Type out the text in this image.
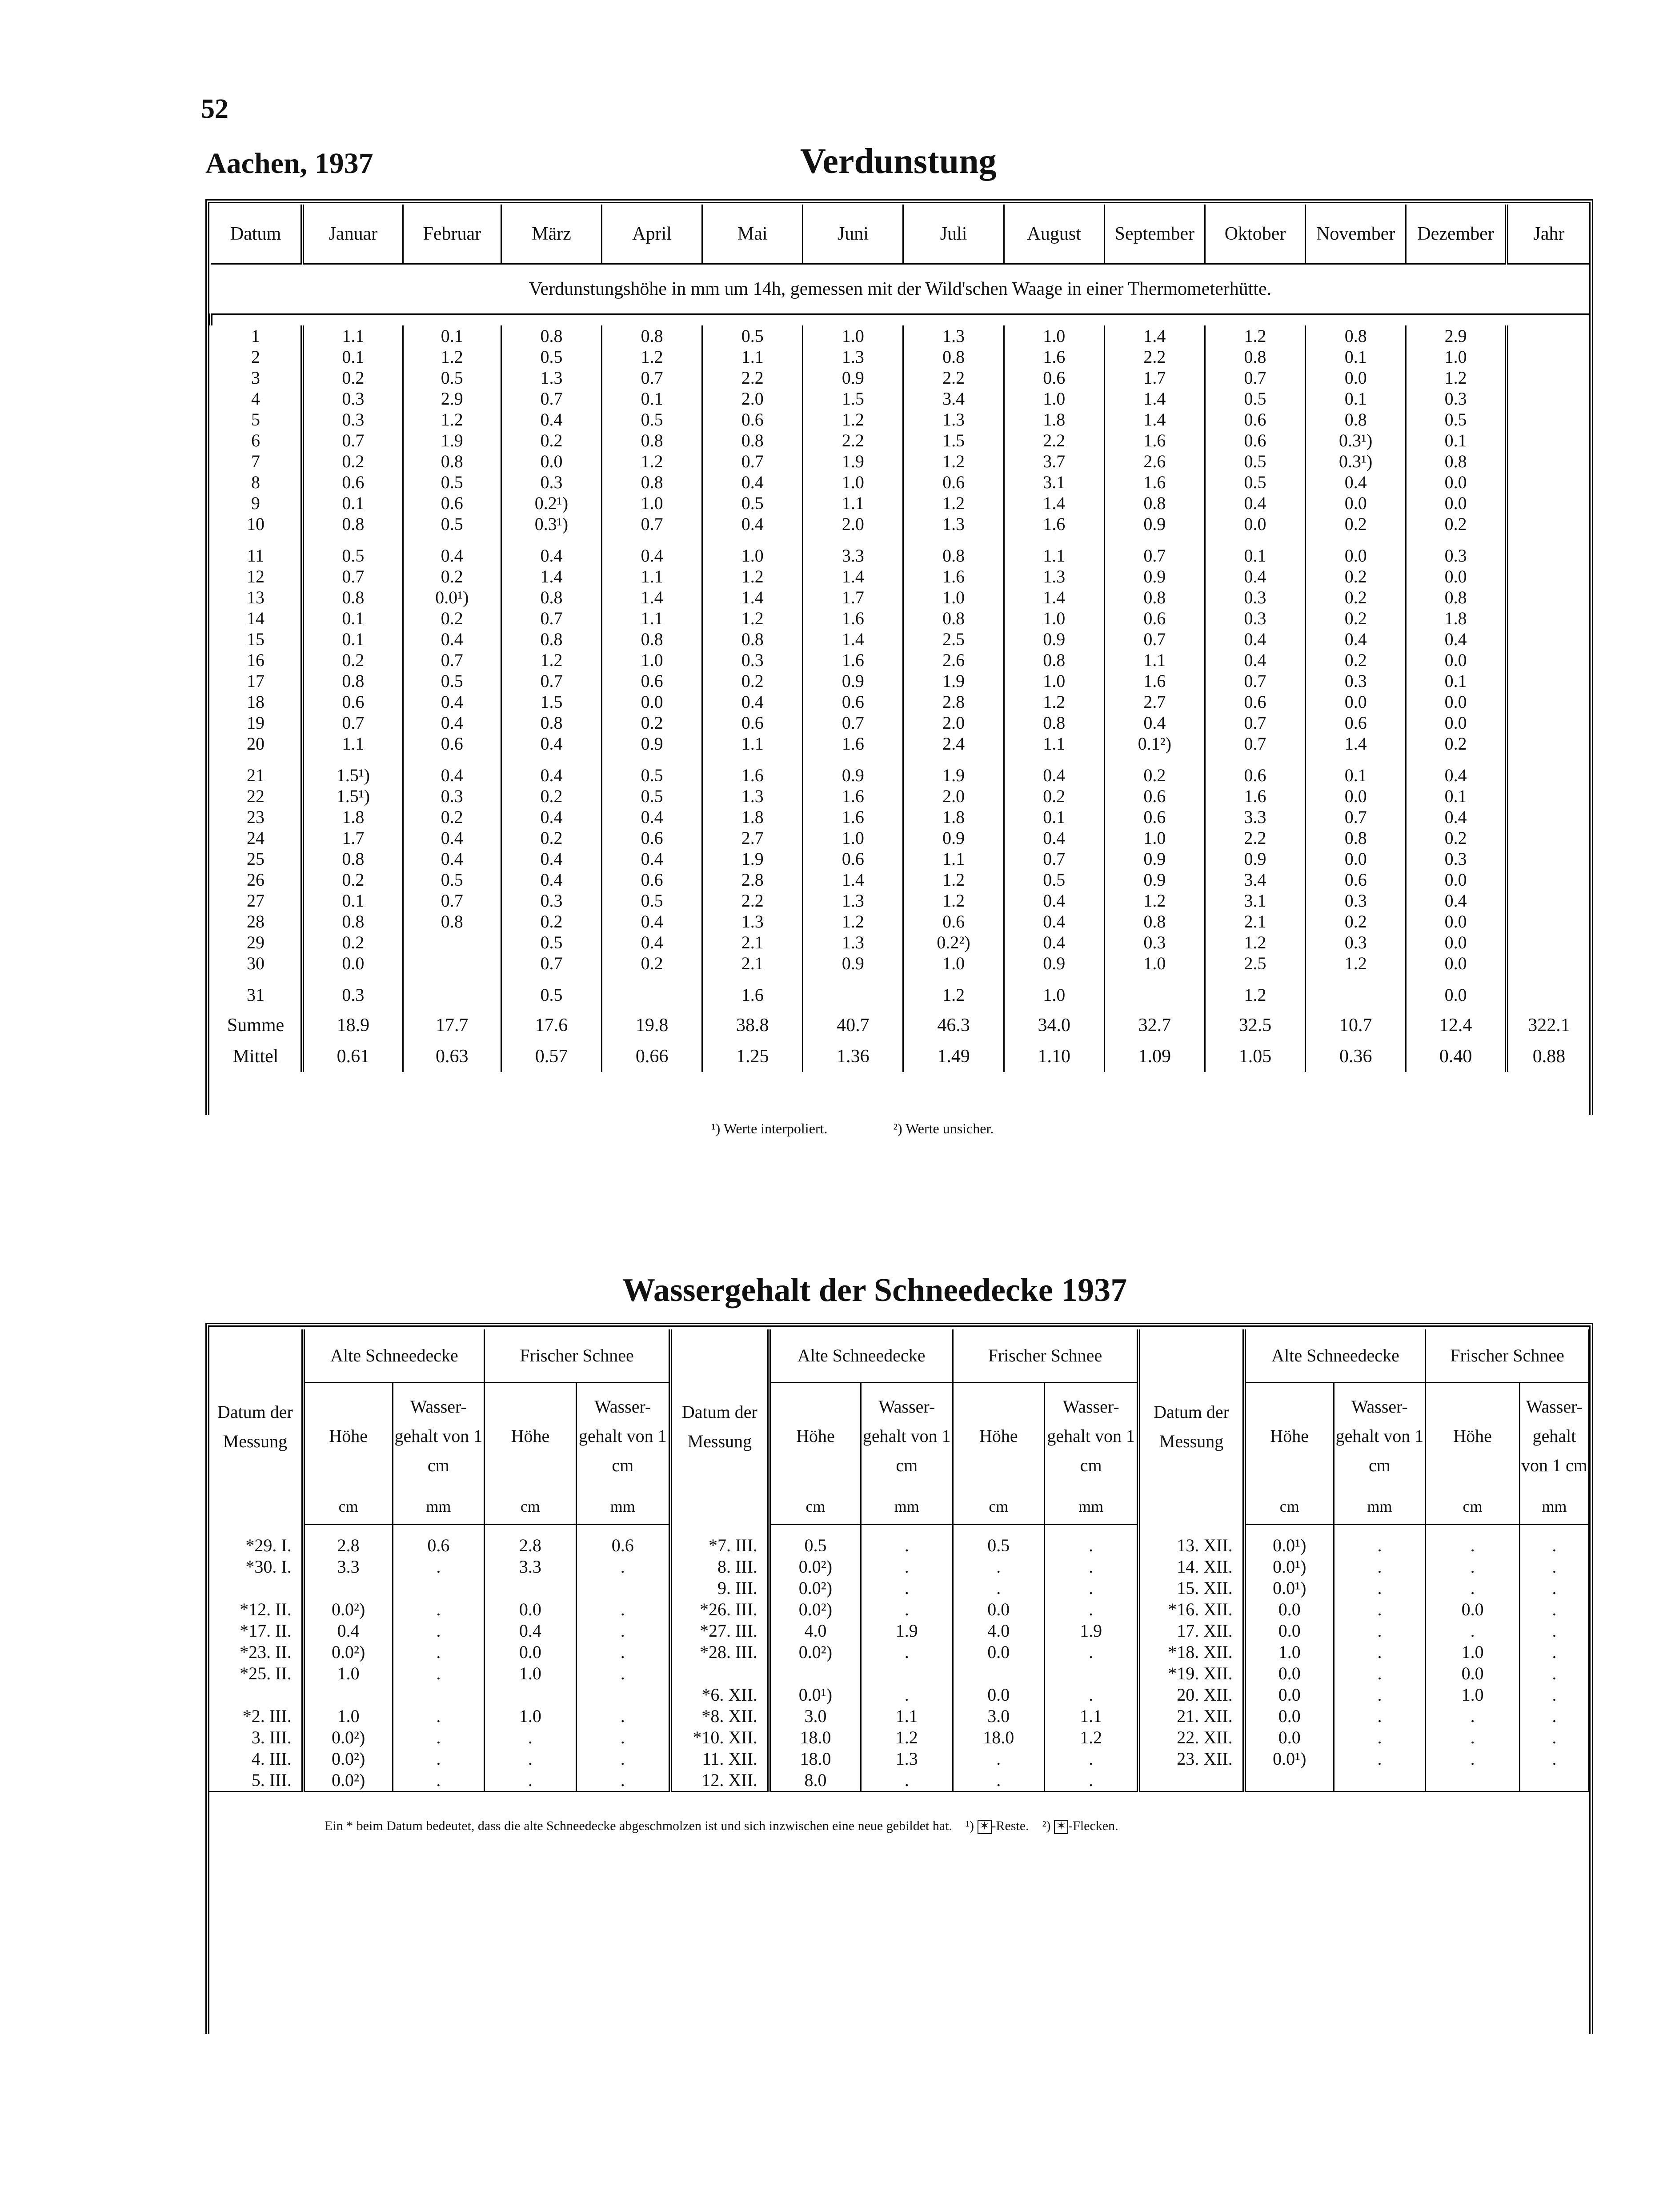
52
Aachen, 1937	Verdunstung
Datum	Januar	Februar	März	April	Mai	Juni	Juli	August	September	Oktober	November	Dezember	Jahr
Verdunstungshöhe in mm um 14h, gemessen mit der Wild'schen Waage in einer Thermometerhütte.													

1	1.1	0.1	0.8	0.8	0.5	1.0	1.3	1.0	1.4	1.2	0.8	2.9	
2	0.1	1.2	0.5	1.2	1.1	1.3	0.8	1.6	2.2	0.8	0.1	1.0	
3	0.2	0.5	1.3	0.7	2.2	0.9	2.2	0.6	1.7	0.7	0.0	1.2	
4	0.3	2.9	0.7	0.1	2.0	1.5	3.4	1.0	1.4	0.5	0.1	0.3	
5	0.3	1.2	0.4	0.5	0.6	1.2	1.3	1.8	1.4	0.6	0.8	0.5	
6	0.7	1.9	0.2	0.8	0.8	2.2	1.5	2.2	1.6	0.6	0.3¹)	0.1	
7	0.2	0.8	0.0	1.2	0.7	1.9	1.2	3.7	2.6	0.5	0.3¹)	0.8	
8	0.6	0.5	0.3	0.8	0.4	1.0	0.6	3.1	1.6	0.5	0.4	0.0	
9	0.1	0.6	0.2¹)	1.0	0.5	1.1	1.2	1.4	0.8	0.4	0.0	0.0	
10	0.8	0.5	0.3¹)	0.7	0.4	2.0	1.3	1.6	0.9	0.0	0.2	0.2	

11	0.5	0.4	0.4	0.4	1.0	3.3	0.8	1.1	0.7	0.1	0.0	0.3	
12	0.7	0.2	1.4	1.1	1.2	1.4	1.6	1.3	0.9	0.4	0.2	0.0	
13	0.8	0.0¹)	0.8	1.4	1.4	1.7	1.0	1.4	0.8	0.3	0.2	0.8	
14	0.1	0.2	0.7	1.1	1.2	1.6	0.8	1.0	0.6	0.3	0.2	1.8	
15	0.1	0.4	0.8	0.8	0.8	1.4	2.5	0.9	0.7	0.4	0.4	0.4	
16	0.2	0.7	1.2	1.0	0.3	1.6	2.6	0.8	1.1	0.4	0.2	0.0	
17	0.8	0.5	0.7	0.6	0.2	0.9	1.9	1.0	1.6	0.7	0.3	0.1	
18	0.6	0.4	1.5	0.0	0.4	0.6	2.8	1.2	2.7	0.6	0.0	0.0	
19	0.7	0.4	0.8	0.2	0.6	0.7	2.0	0.8	0.4	0.7	0.6	0.0	
20	1.1	0.6	0.4	0.9	1.1	1.6	2.4	1.1	0.1²)	0.7	1.4	0.2	

21	1.5¹)	0.4	0.4	0.5	1.6	0.9	1.9	0.4	0.2	0.6	0.1	0.4	
22	1.5¹)	0.3	0.2	0.5	1.3	1.6	2.0	0.2	0.6	1.6	0.0	0.1	
23	1.8	0.2	0.4	0.4	1.8	1.6	1.8	0.1	0.6	3.3	0.7	0.4	
24	1.7	0.4	0.2	0.6	2.7	1.0	0.9	0.4	1.0	2.2	0.8	0.2	
25	0.8	0.4	0.4	0.4	1.9	0.6	1.1	0.7	0.9	0.9	0.0	0.3	
26	0.2	0.5	0.4	0.6	2.8	1.4	1.2	0.5	0.9	3.4	0.6	0.0	
27	0.1	0.7	0.3	0.5	2.2	1.3	1.2	0.4	1.2	3.1	0.3	0.4	
28	0.8	0.8	0.2	0.4	1.3	1.2	0.6	0.4	0.8	2.1	0.2	0.0	
29	0.2		0.5	0.4	2.1	1.3	0.2²)	0.4	0.3	1.2	0.3	0.0	
30	0.0		0.7	0.2	2.1	0.9	1.0	0.9	1.0	2.5	1.2	0.0	

31	0.3		0.5		1.6		1.2	1.0		1.2		0.0	
Summe	18.9	17.7	17.6	19.8	38.8	40.7	46.3	34.0	32.7	32.5	10.7	12.4	322.1
Mittel	0.61	0.63	0.57	0.66	1.25	1.36	1.49	1.10	1.09	1.05	0.36	0.40	0.88
¹) Werte interpoliert.	²) Werte unsicher.
Wassergehalt der Schneedecke 1937
Datum der Messung	Alte Schneedecke		Frischer Schnee		Datum der Messung	Alte Schneedecke		Frischer Schnee		Datum der Messung	Alte Schneedecke		Frischer Schnee	
	Höhe	Wasser-gehalt von 1 cm	Höhe	Wasser-gehalt von 1 cm		Höhe	Wasser-gehalt von 1 cm	Höhe	Wasser-gehalt von 1 cm		Höhe	Wasser-gehalt von 1 cm	Höhe	Wasser-gehalt von 1 cm
	cm	mm	cm	mm		cm	mm	cm	mm		cm	mm	cm	mm

*29. I.	2.8	0.6	2.8	0.6	*7. III.	0.5	.	0.5	.	13. XII.	0.0¹)	.	.	.
*30. I.	3.3	.	3.3	.	8. III.	0.0²)	.	.	.	14. XII.	0.0¹)	.	.	.
					9. III.	0.0²)	.	.	.	15. XII.	0.0¹)	.	.	.
*12. II.	0.0²)	.	0.0	.	*26. III.	0.0²)	.	0.0	.	*16. XII.	0.0	.	0.0	.
*17. II.	0.4	.	0.4	.	*27. III.	4.0	1.9	4.0	1.9	17. XII.	0.0	.	.	.
*23. II.	0.0²)	.	0.0	.	*28. III.	0.0²)	.	0.0	.	*18. XII.	1.0	.	1.0	.
*25. II.	1.0	.	1.0	.						*19. XII.	0.0	.	0.0	.
					*6. XII.	0.0¹)	.	0.0	.	20. XII.	0.0	.	1.0	.
*2. III.	1.0	.	1.0	.	*8. XII.	3.0	1.1	3.0	1.1	21. XII.	0.0	.	.	.
3. III.	0.0²)	.	.	.	*10. XII.	18.0	1.2	18.0	1.2	22. XII.	0.0	.	.	.
4. III.	0.0²)	.	.	.	11. XII.	18.0	1.3	.	.	23. XII.	0.0¹)	.	.	.
5. III.	0.0²)	.	.	.	12. XII.	8.0	.	.	.					
Ein * beim Datum bedeutet, dass die alte Schneedecke abgeschmolzen ist und sich inzwischen eine neue gebildet hat. ¹) ✶ -Reste. ²) ✶ -Flecken.
